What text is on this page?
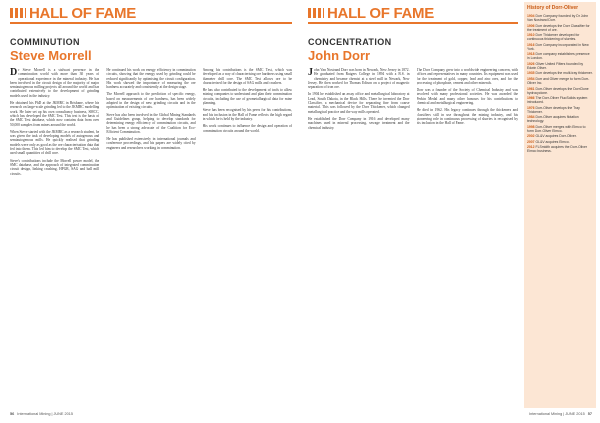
HALL OF FAME
COMMINUTION
Steve Morrell

Dr Steve Morrell is a stalwart presence in the comminution world with more than 30 years of operational experience in the mineral industry. He has been involved in the circuit design of the majority of major semiautogenous milling projects all around the world and has contributed extensively to the development of grinding models used in the industry.

He obtained his PhD at the JKMRC in Brisbane, where his research on large-scale grinding led to the JKMRC modelling work. He later set up his own consultancy business, SMCC, which has developed the SMC Test. This test is the basis of the SMC Test database, which now contains data from over 50,000 samples from mines around the world.

When Steve started with the JKMRC as a research student, he was given the task of developing models of autogenous and semiautogenous mills. He quickly realised that grinding models were only as good as the ore characterisation data that fed into them. This led him to develop the SMC Test, which used small quantities of drill core.

Steve's contributions include the Morrell power model, the SMC database, and the approach of integrated comminution circuit design, linking crushing, HPGR, SAG and ball mill circuits.

He continued his work on energy efficiency in comminution circuits, showing that the energy used by grinding could be reduced significantly by optimising the circuit configuration. His work showed the importance of measuring the ore hardness accurately and consistently at the design stage.

The Morrell approach to the prediction of specific energy, based on measurements of ore hardness, has been widely adopted in the design of new grinding circuits and in the optimisation of existing circuits.

Steve has also been involved in the Global Mining Standards and Guidelines group, helping to develop standards for determining energy efficiency of comminution circuits, and he has been a strong advocate of the Coalition for Eco-Efficient Comminution.

He has published extensively in international journals and conference proceedings, and his papers are widely cited by engineers and researchers working in comminution.

Among his contributions is the SMC Test, which was developed as a way of characterising ore hardness using small diameter drill core. The SMC Test allows ore to be characterised for the design of SAG mills and crushers.

He has also contributed to the development of tools to allow mining companies to understand and plan their comminution circuits, including the use of geometallurgical data for mine planning.

Steve has been recognised by his peers for his contributions, and his inclusion in the Hall of Fame reflects the high regard in which he is held by the industry.

His work continues to influence the design and operation of comminution circuits around the world.

56 International Mining | JUNE 2015
HALL OF FAME
CONCENTRATION
John Dorr

John Van Nostrand Dorr was born in Newark, New Jersey in 1872. He graduated from Rutgers College in 1894 with a B.S. in chemistry and became chemist at a steel mill in Newark, New Jersey. He then worked for Thomas Edison on a project of magnetic separation of iron ore.

In 1904 he established an assay office and metallurgical laboratory at Lead, South Dakota, in the Black Hills. There he invented the Dorr Classifier, a mechanical device for separating fine from coarse material. This was followed by the Dorr Thickener, which changed metallurgical practice and the way mills operated.

He established the Dorr Company in 1916 and developed many machines used in mineral processing, sewage treatment and the chemical industry.

The Dorr Company grew into a worldwide engineering concern, with offices and representatives in many countries. Its equipment was used for the treatment of gold, copper, lead and zinc ores, and for the processing of phosphate, cement and other minerals.

Dorr was a founder of the Society of Chemical Industry and was involved with many professional societies. He was awarded the Perkin Medal and many other honours for his contributions to chemical and metallurgical engineering.

He died in 1962. His legacy continues through the thickeners and classifiers still in use throughout the mining industry, and his pioneering role in continuous processing of slurries is recognised by his inclusion in the Hall of Fame.

History of Dorr-Oliver
1904Dorr Company founded by Dr John Van Nostrand Dorr.
1906Dorr develops the Dorr Classifier for the treatment of ore.
1910Dorr Thickener developed for continuous thickening of slurries.
1916Dorr Company incorporated in New York.
1918Dorr company establishes presence in London.
1926Oliver United Filters founded by Edwin Oliver.
1935Dorr develops the multi-tray thickener.
1954Dorr and Oliver merge to form Dorr-Oliver Inc.
1961Dorr-Oliver develops the DorrClone hydrocyclone.
1966The Dorr-Oliver FluoSolids system introduced.
1976Dorr-Oliver develops the Tray Thickener.
1984Dorr-Oliver acquires flotation technology.
1998Dorr-Oliver merges with Eimco to form Dorr-Oliver Eimco.
2002GL&V acquires Dorr-Oliver.
2007GL&V acquires Eimco.
2012FLSmidth acquires the Dorr-Oliver Eimco business.
International Mining | JUNE 2015 57
